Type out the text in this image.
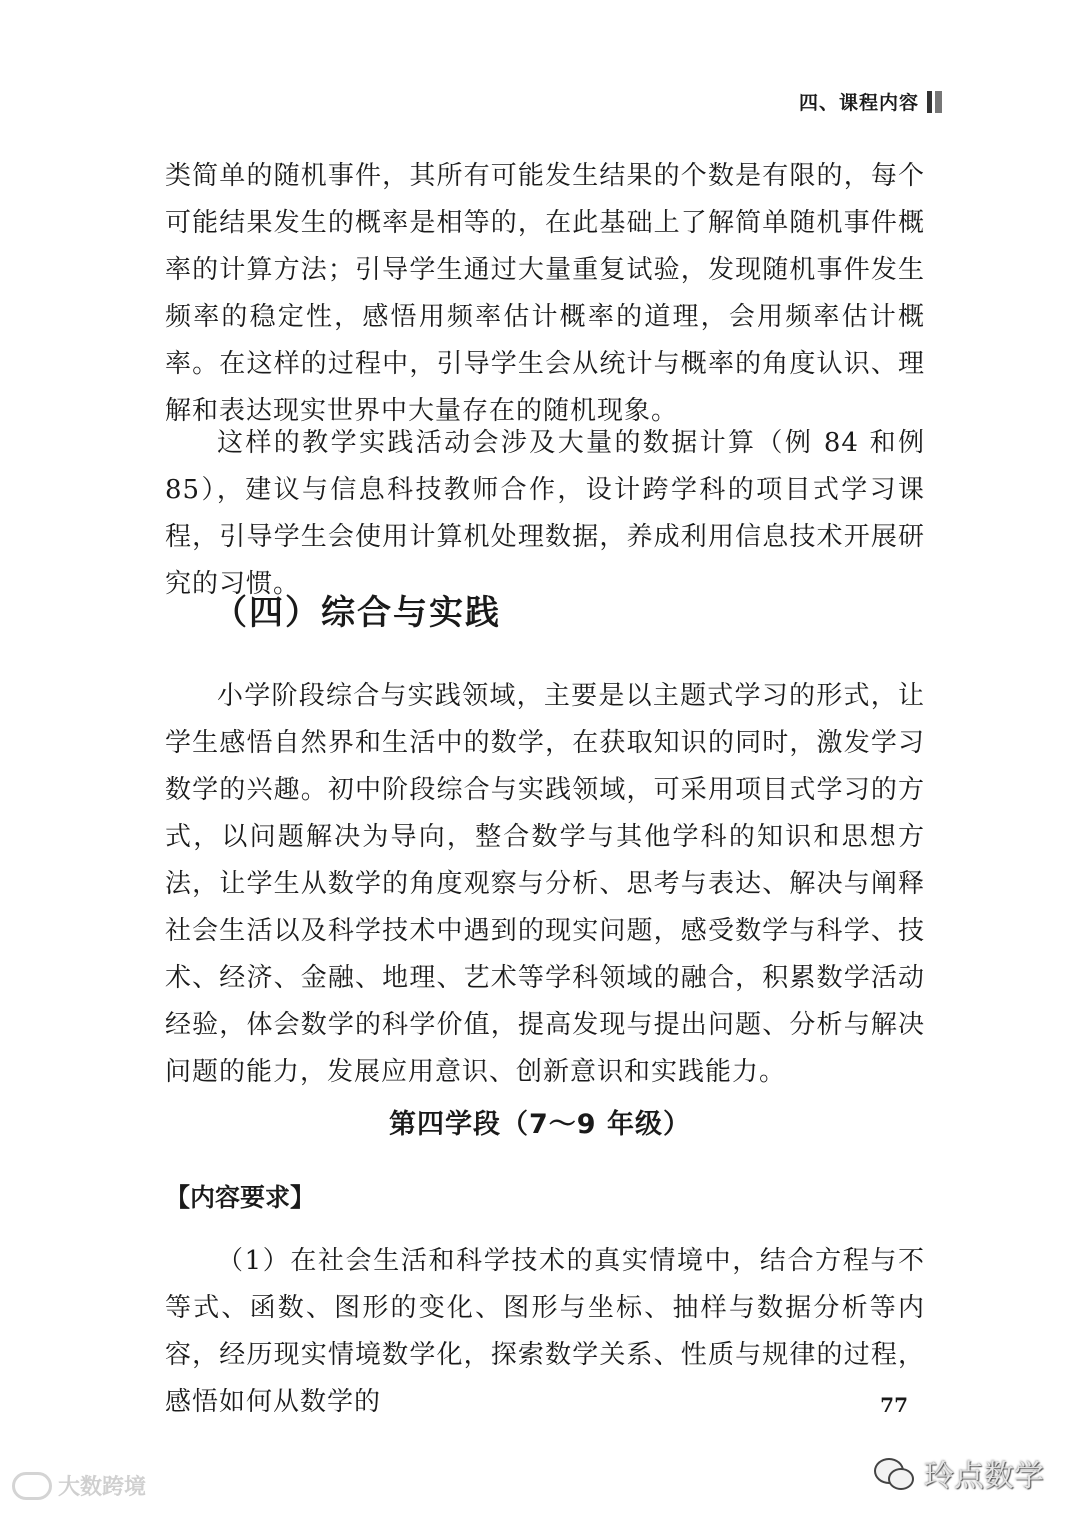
四、课程内容

类简单的随机事件，其所有可能发生结果的个数是有限的，每个可能结果发生的概率是相等的，在此基础上了解简单随机事件概率的计算方法；引导学生通过大量重复试验，发现随机事件发生频率的稳定性，感悟用频率估计概率的道理，会用频率估计概率。在这样的过程中，引导学生会从统计与概率的角度认识、理解和表达现实世界中大量存在的随机现象。

这样的教学实践活动会涉及大量的数据计算（例 84 和例 85），建议与信息科技教师合作，设计跨学科的项目式学习课程，引导学生会使用计算机处理数据，养成利用信息技术开展研究的习惯。

（四）综合与实践

小学阶段综合与实践领域，主要是以主题式学习的形式，让学生感悟自然界和生活中的数学，在获取知识的同时，激发学习数学的兴趣。初中阶段综合与实践领域，可采用项目式学习的方式，以问题解决为导向，整合数学与其他学科的知识和思想方法，让学生从数学的角度观察与分析、思考与表达、解决与阐释社会生活以及科学技术中遇到的现实问题，感受数学与科学、技术、经济、金融、地理、艺术等学科领域的融合，积累数学活动经验，体会数学的科学价值，提高发现与提出问题、分析与解决问题的能力，发展应用意识、创新意识和实践能力。

第四学段（7～9 年级）
【内容要求】

（1）在社会生活和科学技术的真实情境中，结合方程与不等式、函数、图形的变化、图形与坐标、抽样与数据分析等内容，经历现实情境数学化，探索数学关系、性质与规律的过程，感悟如何从数学的	77
大数跨境	玲点数学
